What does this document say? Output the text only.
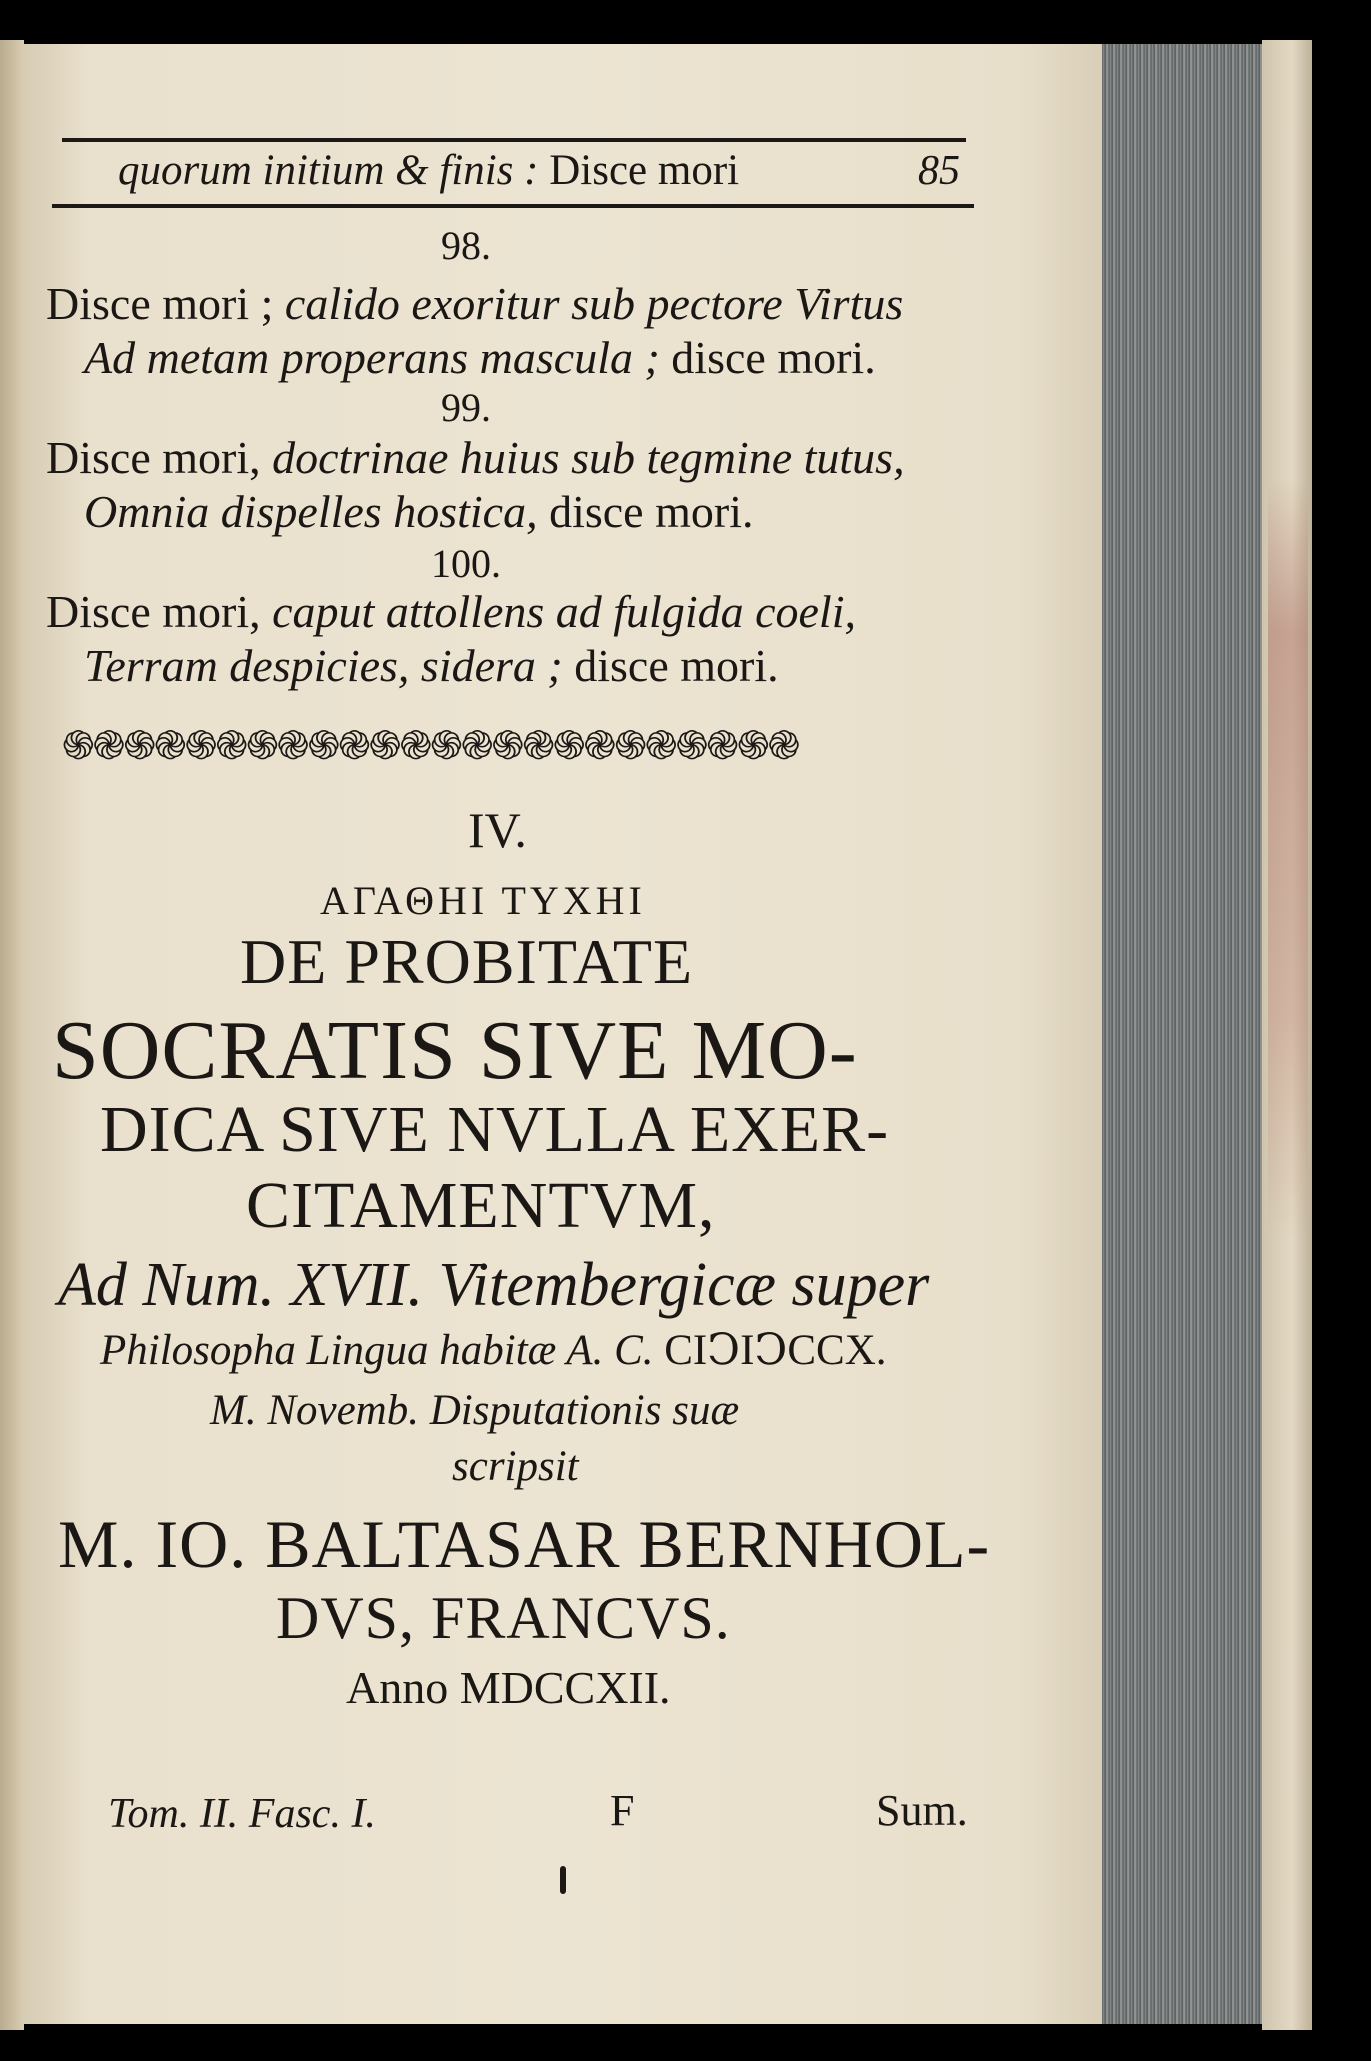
quorum initium & finis : Disce mori	85
98.
Disce mori ; calido exoritur sub pectore Virtus
Ad metam properans mascula ; disce mori.
99.
Disce mori, doctrinae huius sub tegmine tutus,
Omnia dispelles hostica, disce mori.
100.
Disce mori, caput attollens ad fulgida coeli,
Terram despicies, sidera ; disce mori.
֍֎֍֎֍֎֍֎֍֎֍֎֍֎֍֎֍֎֍֎֍֎֍֎
IV.
ΑΓΑΘΗΙ ΤΥΧΗΙ
DE PROBITATE
SOCRATIS SIVE MO-
DICA SIVE NVLLA EXER-
CITAMENTVM,
Ad Num. XVII. Vitembergicæ super
Philosopha Lingua habitæ A. C. CIↃIↃCCX.
M. Novemb. Disputationis suæ
scripsit
M. IO. BALTASAR BERNHOL-
DVS, FRANCVS.
Anno MDCCXII.
Tom. II. Fasc. I.	F	Sum.
